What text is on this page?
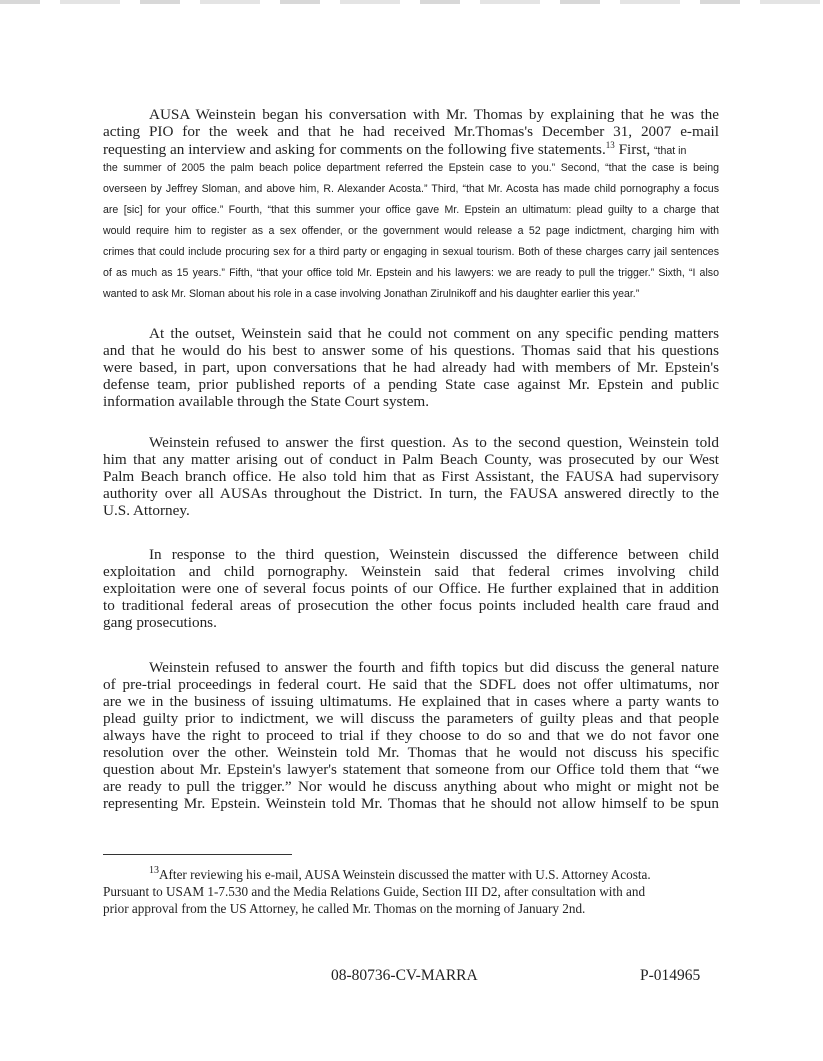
AUSA Weinstein began his conversation with Mr. Thomas by explaining that he was the
acting PIO for the week and that he had received Mr.Thomas's December 31, 2007 e-mail
requesting an interview and asking for comments on the following five statements.$^{13}$ First, “that in
the summer of 2005 the palm beach police department referred the Epstein case to you.” Second, “that the case is being
overseen by Jeffrey Sloman, and above him, R. Alexander Acosta.” Third, “that Mr. Acosta has made child pornography a focus
are [sic] for your office.” Fourth, “that this summer your office gave Mr. Epstein an ultimatum: plead guilty to a charge that
would require him to register as a sex offender, or the government would release a 52 page indictment, charging him with
crimes that could include procuring sex for a third party or engaging in sexual tourism. Both of these charges carry jail sentences
of as much as 15 years.” Fifth, “that your office told Mr. Epstein and his lawyers: we are ready to pull the trigger.” Sixth, “I also
wanted to ask Mr. Sloman about his role in a case involving Jonathan Zirulnikoff and his daughter earlier this year.”
At the outset, Weinstein said that he could not comment on any specific pending matters
and that he would do his best to answer some of his questions. Thomas said that his questions
were based, in part, upon conversations that he had already had with members of Mr. Epstein's
defense team, prior published reports of a pending State case against Mr. Epstein and public
information available through the State Court system.
Weinstein refused to answer the first question. As to the second question, Weinstein told
him that any matter arising out of conduct in Palm Beach County, was prosecuted by our West
Palm Beach branch office. He also told him that as First Assistant, the FAUSA had supervisory
authority over all AUSAs throughout the District. In turn, the FAUSA answered directly to the
U.S. Attorney.
In response to the third question, Weinstein discussed the difference between child
exploitation and child pornography. Weinstein said that federal crimes involving child
exploitation were one of several focus points of our Office. He further explained that in addition
to traditional federal areas of prosecution the other focus points included health care fraud and
gang prosecutions.
Weinstein refused to answer the fourth and fifth topics but did discuss the general nature
of pre-trial proceedings in federal court. He said that the SDFL does not offer ultimatums, nor
are we in the business of issuing ultimatums. He explained that in cases where a party wants to
plead guilty prior to indictment, we will discuss the parameters of guilty pleas and that people
always have the right to proceed to trial if they choose to do so and that we do not favor one
resolution over the other. Weinstein told Mr. Thomas that he would not discuss his specific
question about Mr. Epstein's lawyer's statement that someone from our Office told them that “we
are ready to pull the trigger.” Nor would he discuss anything about who might or might not be
representing Mr. Epstein. Weinstein told Mr. Thomas that he should not allow himself to be spun
$^{13}$After reviewing his e-mail, AUSA Weinstein discussed the matter with U.S. Attorney Acosta.
Pursuant to USAM 1-7.530 and the Media Relations Guide, Section III D2, after consultation with and
prior approval from the US Attorney, he called Mr. Thomas on the morning of January 2nd.
08-80736-CV-MARRA	P-014965
